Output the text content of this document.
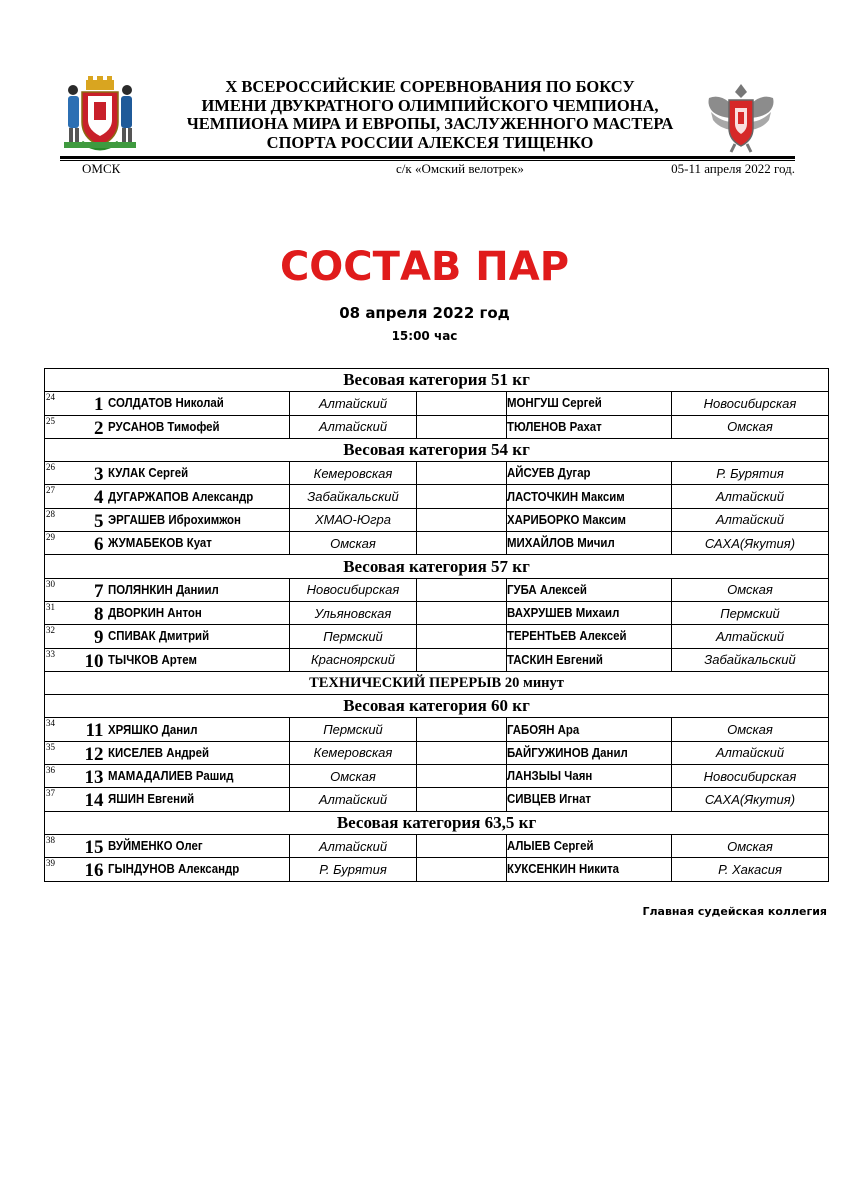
X ВСЕРОССИЙСКИЕ СОРЕВНОВАНИЯ ПО БОКСУ
ИМЕНИ ДВУКРАТНОГО ОЛИМПИЙСКОГО ЧЕМПИОНА,
ЧЕМПИОНА МИРА И ЕВРОПЫ, ЗАСЛУЖЕННОГО МАСТЕРА
СПОРТА РОССИИ АЛЕКСЕЯ ТИЩЕНКО
ОМСК	с/к «Омский велотрек»	05-11 апреля 2022 год.
СОСТАВ ПАР
08 апреля 2022 год
15:00 час
Весовая категория 51 кг					

24 1	СОЛДАТОВ Николай	Алтайский		МОНГУШ Сергей	Новосибирская

25 2	РУСАНОВ Тимофей	Алтайский		ТЮЛЕНОВ Рахат	Омская

Весовая категория 54 кг					

26 3	КУЛАК Сергей	Кемеровская		АЙСУЕВ Дугар	Р. Бурятия

27 4	ДУГАРЖАПОВ Александр	Забайкальский		ЛАСТОЧКИН Максим	Алтайский

28 5	ЭРГАШЕВ Иброхимжон	ХМАО-Югра		ХАРИБОРКО Максим	Алтайский

29 6	ЖУМАБЕКОВ Куат	Омская		МИХАЙЛОВ Мичил	САХА(Якутия)

Весовая категория 57 кг					

30 7	ПОЛЯНКИН Даниил	Новосибирская		ГУБА Алексей	Омская

31 8	ДВОРКИН Антон	Ульяновская		ВАХРУШЕВ Михаил	Пермский

32 9	СПИВАК Дмитрий	Пермский		ТЕРЕНТЬЕВ Алексей	Алтайский

33 10	ТЫЧКОВ Артем	Красноярский		ТАСКИН Евгений	Забайкальский

ТЕХНИЧЕСКИЙ ПЕРЕРЫВ 20 минут					
Весовая категория 60 кг					

34 11	ХРЯШКО Данил	Пермский		ГАБОЯН Ара	Омская

35 12	КИСЕЛЕВ Андрей	Кемеровская		БАЙГУЖИНОВ Данил	Алтайский

36 13	МАМАДАЛИЕВ Рашид	Омская		ЛАНЗЫЫ Чаян	Новосибирская

37 14	ЯШИН Евгений	Алтайский		СИВЦЕВ Игнат	САХА(Якутия)

Весовая категория 63,5 кг					

38 15	ВУЙМЕНКО Олег	Алтайский		АЛЫЕВ Сергей	Омская

39 16	ГЫНДУНОВ Александр	Р. Бурятия		КУКСЕНКИН Никита	Р. Хакасия
Главная судейская коллегия
